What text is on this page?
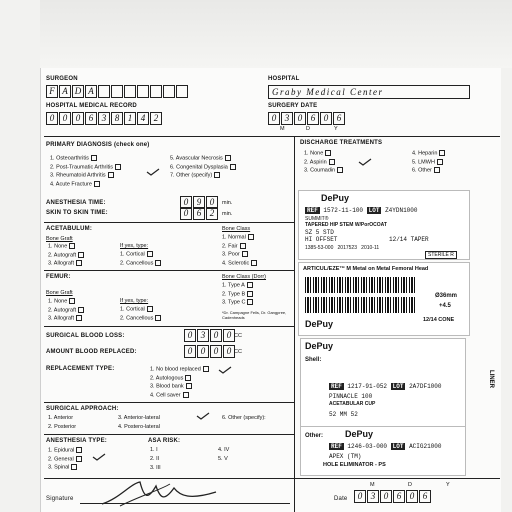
SURGEON
F A D A
HOSPITAL
Graby Medical Center
HOSPITAL MEDICAL RECORD
0 0 0 6 3 8 1 4 2
SURGERY DATE
0 3 0 6 0 6
M	D	Y
PRIMARY DIAGNOSIS (check one)
1. Osteoarthritis
2. Post-Traumatic Arthritis
3. Rheumatoid Arthritis
4. Acute Fracture
5. Avascular Necrosis
6. Congenital Dysplasia
7. Other (specify)
DISCHARGE TREATMENTS
1. None
2. Aspirin
3. Coumadin
4. Heparin
5. LMWH
6. Other
ANESTHESIA TIME:	0 9 0	min.
SKIN TO SKIN TIME:	0 6 2	min.
ACETABULUM:
Bone Graft
1. None
2. Autograft
3. Allograft
If yes, type:
1. Cortical
2. Cancellous
Bone Class
1. Normal
2. Fair
3. Poor
4. Sclerotic
FEMUR:
Bone Graft
1. None
2. Autograft
3. Allograft
If yes, type:
1. Cortical
2. Cancellous
Bone Class (Dorr)
1. Type A
2. Type B
3. Type C
*Dr. Campagne Fells, Dr. Gangpree, Cadenheads
SURGICAL BLOOD LOSS:	0 3 0 0 CC
AMOUNT BLOOD REPLACED:	0 0 0 0 CC
REPLACEMENT TYPE:	1. No blood replaced
2. Autologous
3. Blood bank
4. Cell saver
SURGICAL APPROACH:
1. Anterior
2. Posterior
3. Anterior-lateral
4. Postero-lateral
6. Other (specify):
ANESTHESIA TYPE:
1. Epidural
2. General
3. Spinal
ASA RISK:
1. I
2. II
3. III
4. IV
5. V
Signature	Date	0 3 0 6 0 6
M	D	Y
DePuy
REF 1572-11-100 LOT Z4YDN1000
SUMMIT®
TAPERED HIP STEM W/PorOCOAT
SZ 5 STD
HI OFFSET	12/14 TAPER
1385-53-000 2017523 2010-11
STERILE R
ARTICUL/EZE™ M Metal on Metal Femoral Head
Ø36mm
+4.5
DePuy	12/14 CONE
Shell:
DePuy
REF 1217-91-052 LOT 2A7DF1000
PINNACLE 100
ACETABULAR CUP
52 MM 52
Other: DePuy
REF 1246-03-000 LOT ACIG21000
APEX (TM)
HOLE ELIMINATOR - PS
LINER
